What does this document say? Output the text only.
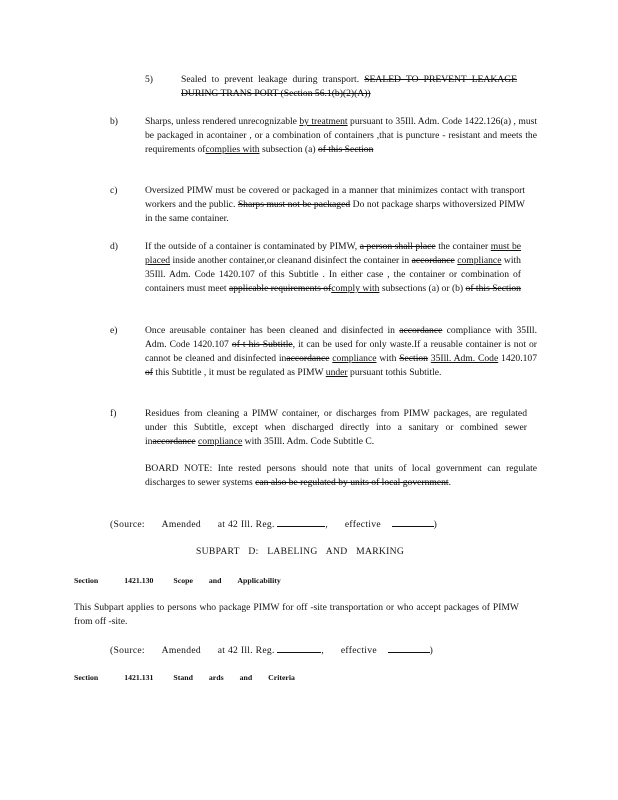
5)	Sealed to prevent leakage during transport. SEALED TO PREVENT LEAKAGE DURING TRANS PORT (Section 56.1(b)(2)(A))
b)	Sharps, unless rendered unrecognizable by treatment pursuant to 35Ill. Adm. Code 1422.126(a) , must be packaged in acontainer , or a combination of containers ,that is puncture - resistant and meets the requirements ofcomplies with subsection (a) of this Section
c)	Oversized PIMW must be covered or packaged in a manner that minimizes contact with transport workers and the public. Sharps must not be packaged Do not package sharps withoversized PIMW in the same container.
d)	If the outside of a container is contaminated by PIMW, a person shall place the container must be placed inside another container,or cleanand disinfect the container in accordance compliance with 35Ill. Adm. Code 1420.107 of this Subtitle . In either case , the container or combination of containers must meet applicable requirements ofcomply with subsections (a) or (b) of this Section
e)	Once areusable container has been cleaned and disinfected in accordance compliance with 35Ill. Adm. Code 1420.107 of t his Subtitle, it can be used for only waste.If a reusable container is not or cannot be cleaned and disinfected inaccordance compliance with Section 35Ill. Adm. Code 1420.107 of this Subtitle , it must be regulated as PIMW under pursuant tothis Subtitle.
f)	Residues from cleaning a PIMW container, or discharges from PIMW packages, are regulated under this Subtitle, except when discharged directly into a sanitary or combined sewer inaccordance compliance with 35Ill. Adm. Code Subtitle C.
BOARD NOTE: Inte rested persons should note that units of local government can regulate discharges to sewer systems can also be regulated by units of local government.
(Source: Amended at 42 Ill. Reg.	, effective	)
SUBPART D: LABELING AND MARKING
Section	1421.130	Scope and Applicability
This Subpart applies to persons who package PIMW for off -site transportation or who accept packages of PIMW from off -site.
(Source: Amended at 42 Ill. Reg.	, effective	)
Section	1421.131	Stand ards and Criteria
